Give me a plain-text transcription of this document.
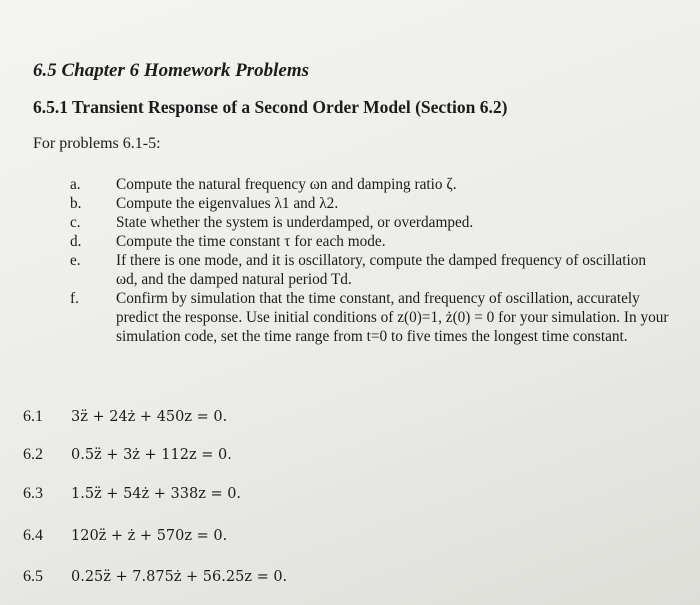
6.5 Chapter 6 Homework Problems
6.5.1 Transient Response of a Second Order Model (Section 6.2)
For problems 6.1-5:
a.	Compute the natural frequency ωn and damping ratio ζ.
b.	Compute the eigenvalues λ1 and λ2.
c.	State whether the system is underdamped, or overdamped.
d.	Compute the time constant τ for each mode.
e.	If there is one mode, and it is oscillatory, compute the damped frequency of oscillation ωd, and the damped natural period Td.
f.	Confirm by simulation that the time constant, and frequency of oscillation, accurately predict the response. Use initial conditions of z(0)=1, ż(0) = 0 for your simulation. In your simulation code, set the time range from t=0 to five times the longest time constant.
6.1 3z̈ + 24ż + 450z = 0.
6.2 0.5z̈ + 3ż + 112z = 0.
6.3 1.5z̈ + 54ż + 338z = 0.
6.4 120z̈ + ż + 570z = 0.
6.5 0.25z̈ + 7.875ż + 56.25z = 0.
